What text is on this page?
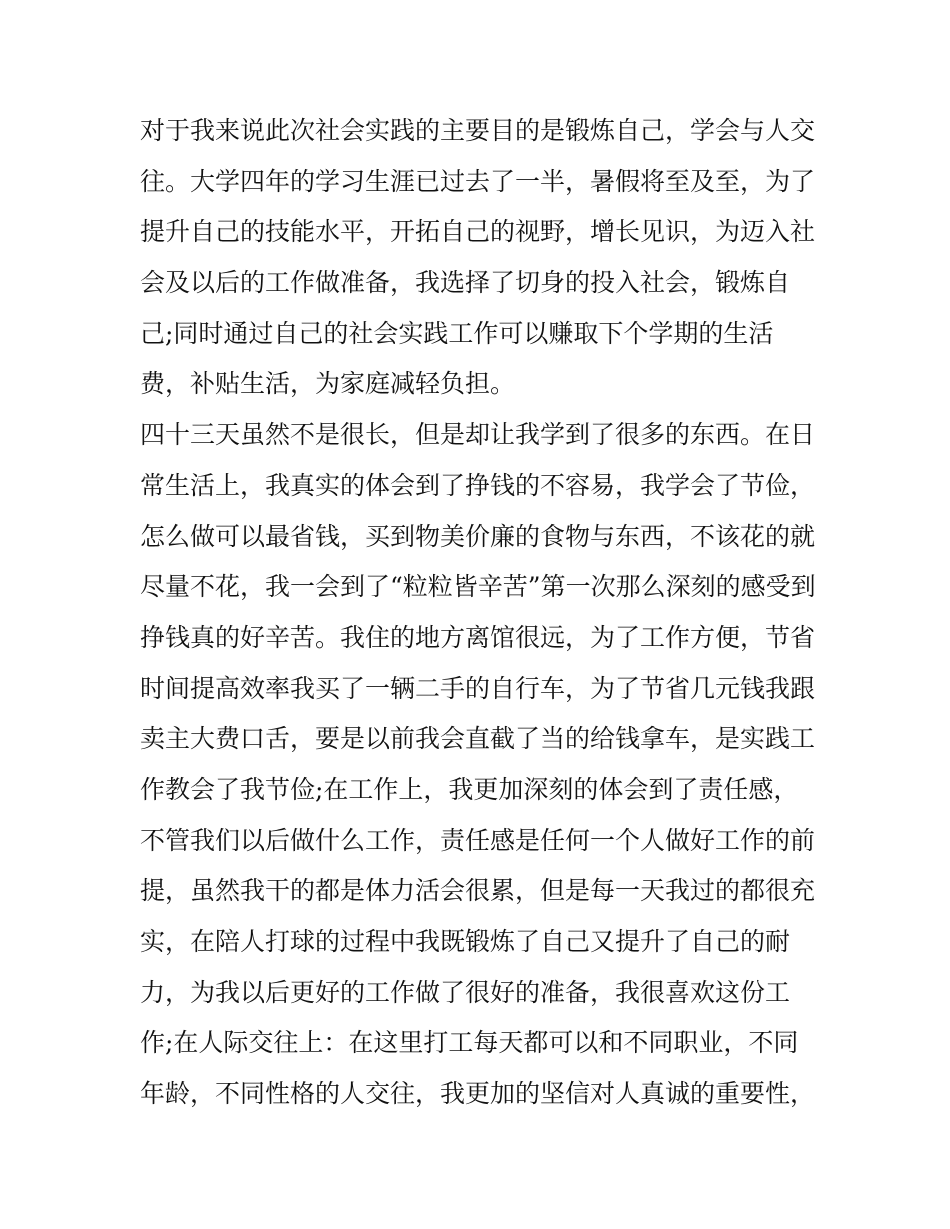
对于我来说此次社会实践的主要目的是锻炼自己，学会与人交
往。大学四年的学习生涯已过去了一半，暑假将至及至，为了
提升自己的技能水平，开拓自己的视野，增长见识，为迈入社
会及以后的工作做准备，我选择了切身的投入社会，锻炼自
己;同时通过自己的社会实践工作可以赚取下个学期的生活
费，补贴生活，为家庭减轻负担。
四十三天虽然不是很长，但是却让我学到了很多的东西。在日
常生活上，我真实的体会到了挣钱的不容易，我学会了节俭，
怎么做可以最省钱，买到物美价廉的食物与东西，不该花的就
尽量不花，我一会到了“粒粒皆辛苦”第一次那么深刻的感受到
挣钱真的好辛苦。我住的地方离馆很远，为了工作方便，节省
时间提高效率我买了一辆二手的自行车，为了节省几元钱我跟
卖主大费口舌，要是以前我会直截了当的给钱拿车，是实践工
作教会了我节俭;在工作上，我更加深刻的体会到了责任感，
不管我们以后做什么工作，责任感是任何一个人做好工作的前
提，虽然我干的都是体力活会很累，但是每一天我过的都很充
实，在陪人打球的过程中我既锻炼了自己又提升了自己的耐
力，为我以后更好的工作做了很好的准备，我很喜欢这份工
作;在人际交往上：在这里打工每天都可以和不同职业，不同
年龄，不同性格的人交往，我更加的坚信对人真诚的重要性，
